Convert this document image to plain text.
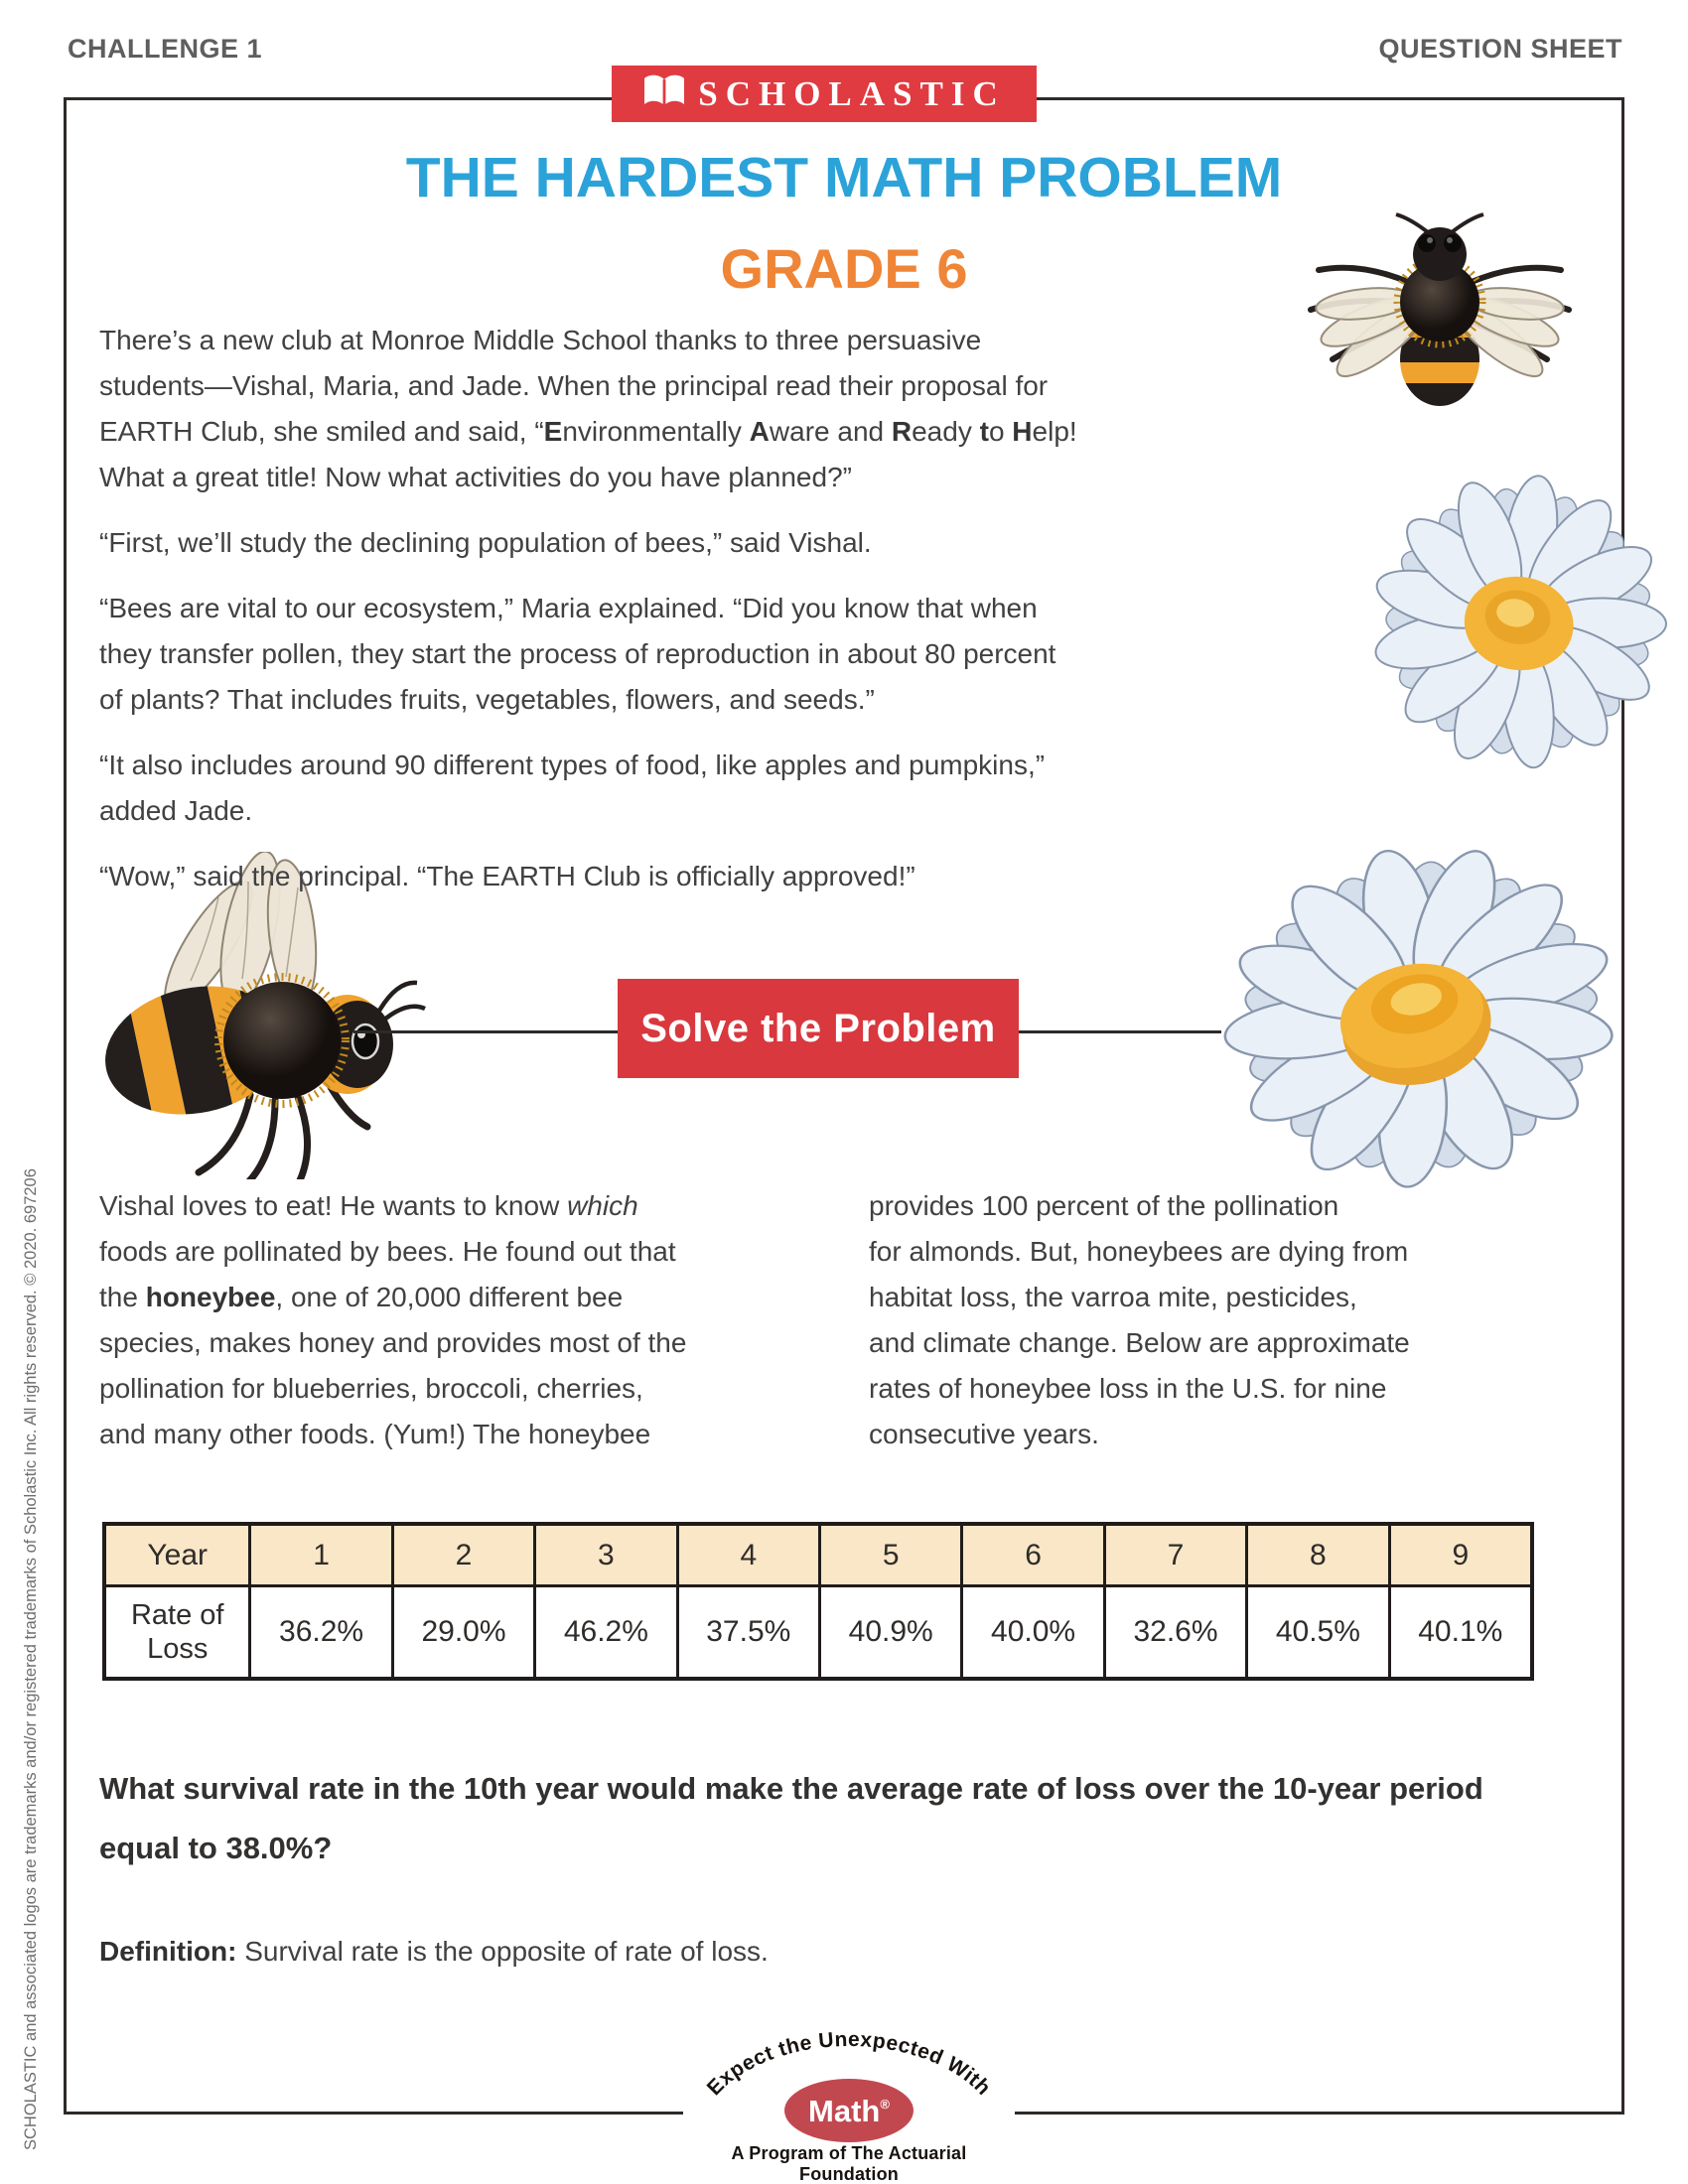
CHALLENGE 1	QUESTION SHEET
SCHOLASTIC
THE HARDEST MATH PROBLEM
GRADE 6
There’s a new club at Monroe Middle School thanks to three persuasive
students—Vishal, Maria, and Jade. When the principal read their proposal for
EARTH Club, she smiled and said, “Environmentally Aware and Ready to Help!
What a great title! Now what activities do you have planned?”
“First, we’ll study the declining population of bees,” said Vishal.
“Bees are vital to our ecosystem,” Maria explained. “Did you know that when
they transfer pollen, they start the process of reproduction in about 80 percent
of plants? That includes fruits, vegetables, flowers, and seeds.”
“It also includes around 90 different types of food, like apples and pumpkins,”
added Jade.
“Wow,” said the principal. “The EARTH Club is officially approved!”
Solve the Problem
Vishal loves to eat! He wants to know which
foods are pollinated by bees. He found out that
the honeybee, one of 20,000 different bee
species, makes honey and provides most of the
pollination for blueberries, broccoli, cherries,
and many other foods. (Yum!) The honeybee
provides 100 percent of the pollination
for almonds. But, honeybees are dying from
habitat loss, the varroa mite, pesticides,
and climate change. Below are approximate
rates of honeybee loss in the U.S. for nine
consecutive years.
Year	1	2	3	4	5	6	7	8	9
Rate of
Loss
36.2%	29.0%	46.2%	37.5%	40.9%	40.0%	32.6%	40.5%	40.1%
What survival rate in the 10th year would make the average rate of loss over the 10-year period
equal to 38.0%?
Definition: Survival rate is the opposite of rate of loss.
Expect the Unexpected With
Math®
A Program of The Actuarial Foundation
SCHOLASTIC and associated logos are trademarks and/or registered trademarks of Scholastic Inc. All rights reserved. © 2020. 697206
